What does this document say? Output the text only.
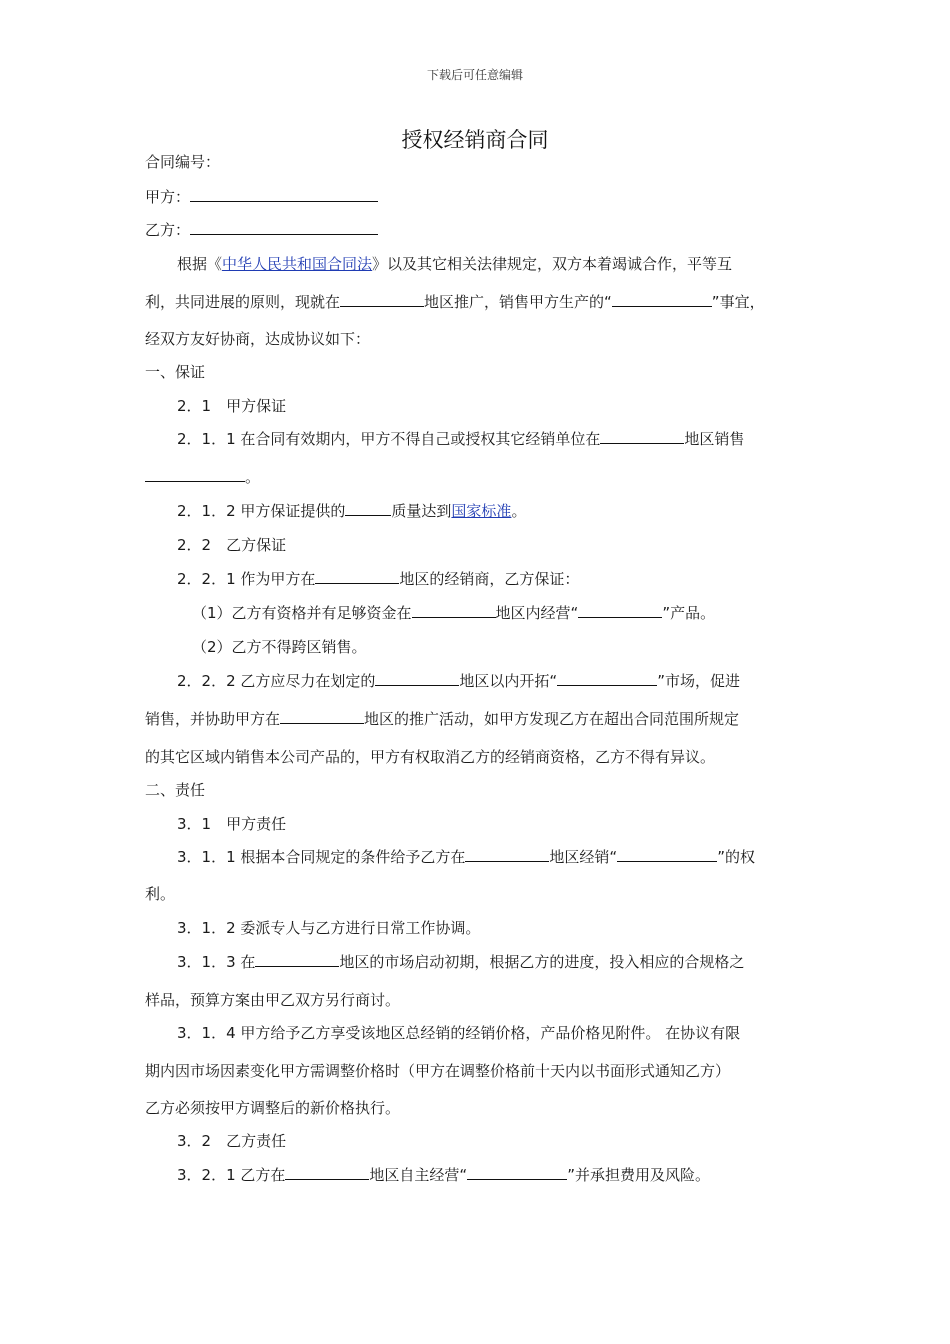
下载后可任意编辑
授权经销商合同
合同编号：
甲方：
乙方：
根据《中华人民共和国合同法》以及其它相关法律规定，双方本着竭诚合作，平等互
利，共同进展的原则，现就在	地区推广，销售甲方生产的“	”事宜，
经双方友好协商，达成协议如下：
一、保证
2．1　甲方保证
2．1．1 在合同有效期内，甲方不得自己或授权其它经销单位在	地区销售
。
2．1．2 甲方保证提供的	质量达到国家标准。
2．2　乙方保证
2．2．1 作为甲方在	地区的经销商，乙方保证：
（1）乙方有资格并有足够资金在	地区内经营“	”产品。
（2）乙方不得跨区销售。
2．2．2 乙方应尽力在划定的	地区以内开拓“	”市场，促进
销售，并协助甲方在	地区的推广活动，如甲方发现乙方在超出合同范围所规定
的其它区域内销售本公司产品的，甲方有权取消乙方的经销商资格，乙方不得有异议。
二、责任
3．1　甲方责任
3．1．1 根据本合同规定的条件给予乙方在	地区经销“	”的权
利。
3．1．2 委派专人与乙方进行日常工作协调。
3．1．3 在	地区的市场启动初期，根据乙方的进度，投入相应的合规格之
样品，预算方案由甲乙双方另行商讨。
3．1．4 甲方给予乙方享受该地区总经销的经销价格，产品价格见附件。 在协议有限
期内因市场因素变化甲方需调整价格时（甲方在调整价格前十天内以书面形式通知乙方）
乙方必须按甲方调整后的新价格执行。
3．2　乙方责任
3．2．1 乙方在	地区自主经营“	”并承担费用及风险。
